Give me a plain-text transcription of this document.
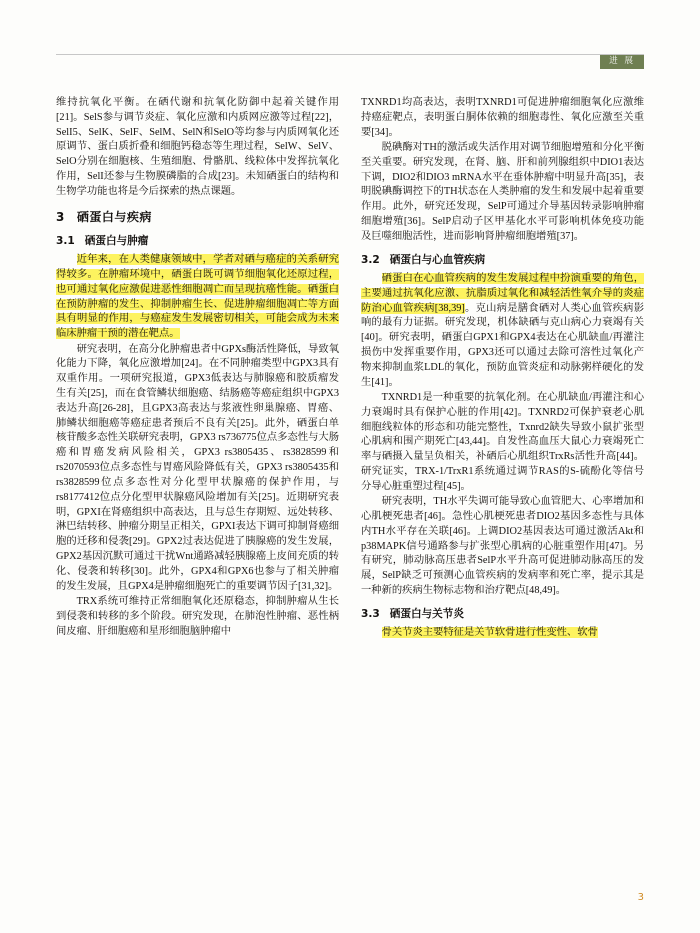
进 展

维持抗氧化平衡。在硒代谢和抗氧化防御中起着关键作用[21]。SelS参与调节炎症、氧化应激和内质网应激等过程[22]，SelI5、SelK、SelF、SelM、SelN和SelO等均参与内质网氧化还原调节、蛋白质折叠和细胞钙稳态等生理过程，SelW、SelV、SelO分别在细胞核、生殖细胞、骨骼肌、线粒体中发挥抗氧化作用，SelI还参与生物膜磷脂的合成[23]。未知硒蛋白的结构和生物学功能也将是今后探索的热点课题。

3 硒蛋白与疾病
3.1 硒蛋白与肿瘤

近年来，在人类健康领域中，学者对硒与癌症的关系研究得较多。在肿瘤环境中，硒蛋白既可调节细胞氧化还原过程，也可通过氧化应激促进恶性细胞凋亡而呈现抗癌性能。硒蛋白在预防肿瘤的发生、抑制肿瘤生长、促进肿瘤细胞凋亡等方面具有明显的作用，与癌症发生发展密切相关，可能会成为未来临床肿瘤干预的潜在靶点。

研究表明，在高分化肿瘤患者中GPXs酶活性降低，导致氧化能力下降，氧化应激增加[24]。在不同肿瘤类型中GPX3具有双重作用。一项研究报道，GPX3低表达与肺腺癌和胶质瘤发生有关[25]，而在食管鳞状细胞癌、结肠癌等癌症组织中GPX3表达升高[26-28]，且GPX3高表达与浆液性卵巢腺癌、胃癌、肺鳞状细胞癌等癌症患者预后不良有关[25]。此外，硒蛋白单核苷酸多态性关联研究表明，GPX3 rs736775位点多态性与大肠癌和胃癌发病风险相关，GPX3 rs3805435、rs3828599和rs2070593位点多态性与胃癌风险降低有关，GPX3 rs3805435和rs3828599位点多态性对分化型甲状腺癌的保护作用，与rs8177412位点分化型甲状腺癌风险增加有关[25]。近期研究表明，GPXI在肾癌组织中高表达，且与总生存期短、远处转移、淋巴结转移、肿瘤分期呈正相关，GPXI表达下调可抑制肾癌细胞的迁移和侵袭[29]。GPX2过表达促进了胰腺癌的发生发展，GPX2基因沉默可通过干扰Wnt通路减轻胰腺癌上皮间充质的转化、侵袭和转移[30]。此外，GPX4和GPX6也参与了相关肿瘤的发生发展，且GPX4是肿瘤细胞死亡的重要调节因子[31,32]。

TRX系统可维持正常细胞氧化还原稳态，抑制肿瘤从生长到侵袭和转移的多个阶段。研究发现，在肺泡性肿瘤、恶性柄间皮瘤、肝细胞癌和星形细胞脑肿瘤中

TXNRD1均高表达，表明TXNRD1可促进肿瘤细胞氧化应激维持癌症靶点，表明蛋白胴体依赖的细胞毒性、氧化应激至关重要[34]。

脱碘酶对TH的激活或失活作用对调节细胞增殖和分化平衡至关重要。研究发现，在肾、脑、肝和前列腺组织中DIO1表达下调，DIO2和DIO3 mRNA水平在垂体肿瘤中明显升高[35]，表明脱碘酶调控下的TH状态在人类肿瘤的发生和发展中起着重要作用。此外，研究还发现，SelP可通过介导基因转录影响肿瘤细胞增殖[36]。SelP启动子区甲基化水平可影响机体免疫功能及巨噬细胞活性，进而影响肾肿瘤细胞增殖[37]。

3.2 硒蛋白与心血管疾病

硒蛋白在心血管疾病的发生发展过程中扮演重要的角色，主要通过抗氧化应激、抗脂质过氧化和减轻活性氧介导的炎症防治心血管疾病[38,39]。克山病是膳食硒对人类心血管疾病影响的最有力证据。研究发现，机体缺硒与克山病心力衰竭有关[40]。研究表明，硒蛋白GPX1和GPX4表达在心肌缺血/再灌注损伤中发挥重要作用，GPX3还可以通过去除可溶性过氧化产物来抑制血浆LDL的氧化，预防血管炎症和动脉粥样硬化的发生[41]。

TXNRD1是一种重要的抗氧化剂。在心肌缺血/再灌注和心力衰竭时具有保护心脏的作用[42]。TXNRD2可保护衰老心肌细胞线粒体的形态和功能完整性，Txnrd2缺失导致小鼠扩张型心肌病和围产期死亡[43,44]。自发性高血压大鼠心力衰竭死亡率与硒摄入量呈负相关，补硒后心肌组织TrxRs活性升高[44]。研究证实，TRX-1/TrxR1系统通过调节RAS的S-硫酚化等信号分导心脏重塑过程[45]。

研究表明，TH水平失调可能导致心血管肥大、心率增加和心肌梗死患者[46]。急性心肌梗死患者DIO2基因多态性与具体内TH水平存在关联[46]。上调DIO2基因表达可通过激活Akt和p38MAPK信号通路参与扩张型心肌病的心脏重塑作用[47]。另有研究，肺动脉高压患者SelP水平升高可促进肺动脉高压的发展，SelP缺乏可预测心血管疾病的发病率和死亡率，提示其是一种新的疾病生物标志物和治疗靶点[48,49]。

3.3 硒蛋白与关节炎

骨关节炎主要特征是关节软骨进行性变性、软骨

3
